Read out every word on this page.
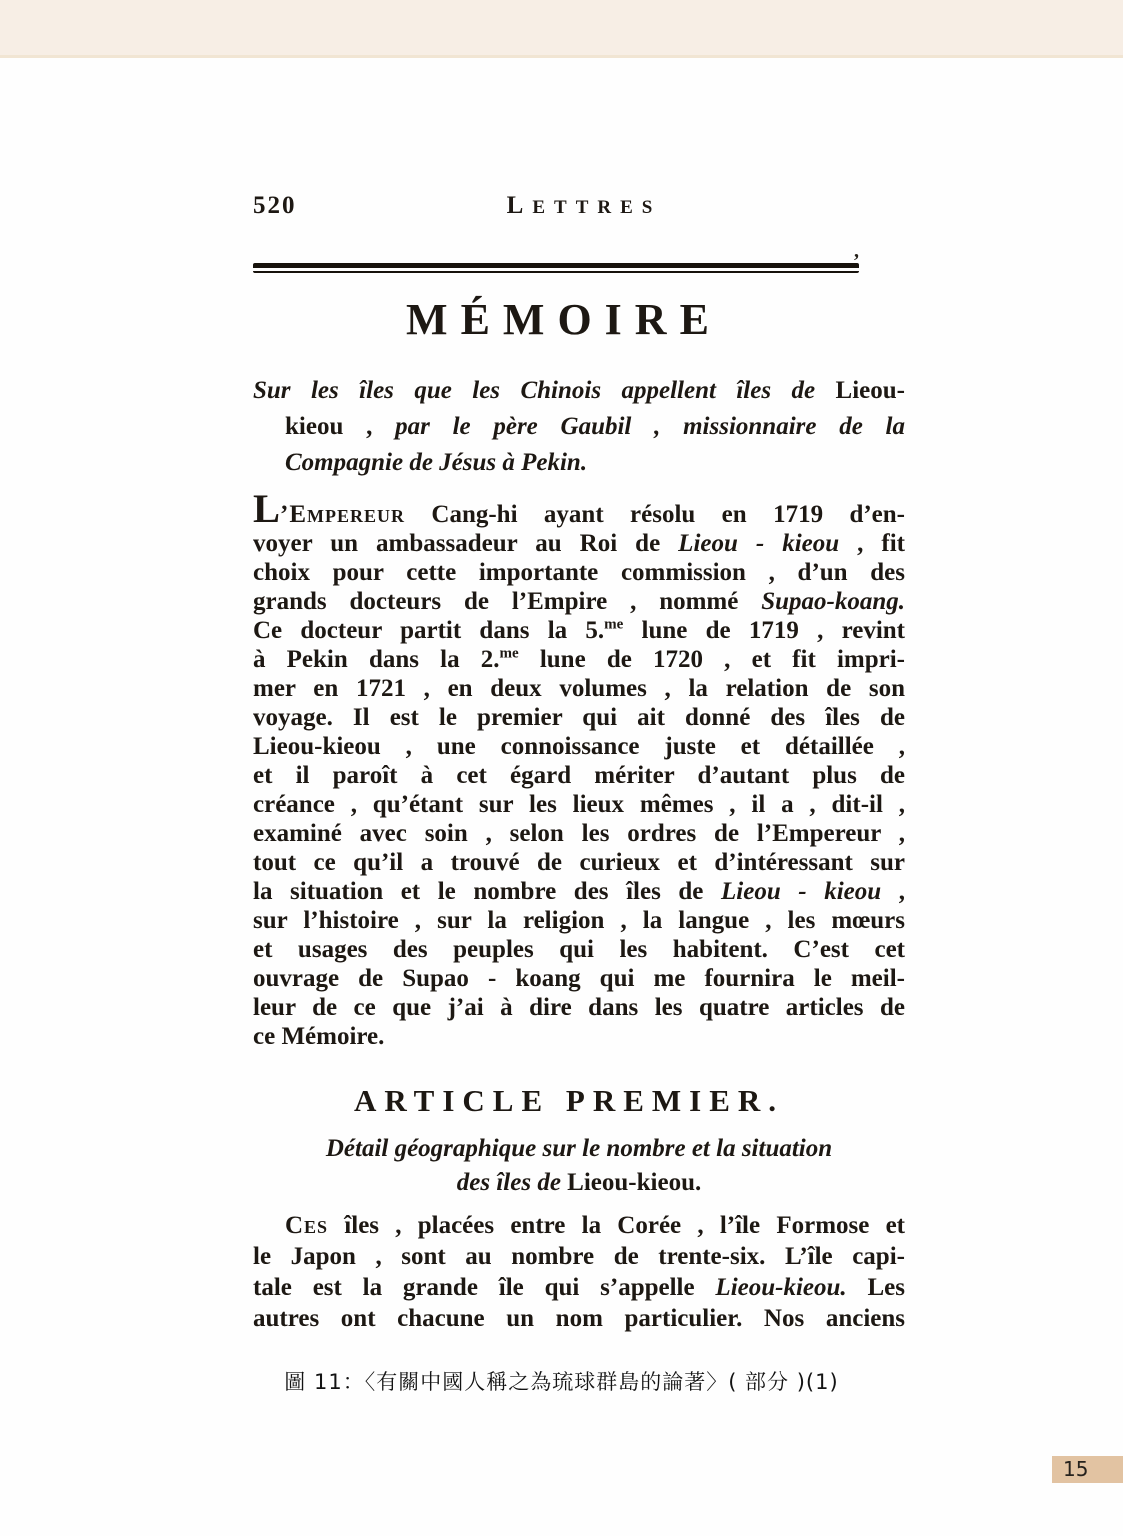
520	LETTRES
’
MÉMOIRE
Sur les îles que les Chinois appellent îles de Lieou-
kieou , par le père Gaubil , missionnaire de la
Compagnie de Jésus à Pekin.
L’Empereur Cang-hi ayant résolu en 1719 d’en-
voyer un ambassadeur au Roi de Lieou - kieou , fit
choix pour cette importante commission , d’un des
grands docteurs de l’Empire , nommé Supao-koang.
Ce docteur partit dans la 5.$^{me}$ lune de 1719 , revint
à Pekin dans la 2.$^{me}$ lune de 1720 , et fit impri-
mer en 1721 , en deux volumes , la relation de son
voyage. Il est le premier qui ait donné des îles de
Lieou-kieou , une connoissance juste et détaillée ,
et il paroît à cet égard mériter d’autant plus de
créance , qu’étant sur les lieux mêmes , il a , dit-il ,
examiné avec soin , selon les ordres de l’Empereur ,
tout ce qu’il a trouvé de curieux et d’intéressant sur
la situation et le nombre des îles de Lieou - kieou ,
sur l’histoire , sur la religion , la langue , les mœurs
et usages des peuples qui les habitent. C’est cet
ouvrage de Supao - koang qui me fournira le meil-
leur de ce que j’ai à dire dans les quatre articles de
ce Mémoire.
ARTICLE PREMIER.
Détail géographique sur le nombre et la situation
des îles de Lieou-kieou.
Ces îles , placées entre la Corée , l’île Formose et
le Japon , sont au nombre de trente-six. L’île capi-
tale est la grande île qui s’appelle Lieou-kieou. Les
autres ont chacune un nom particulier. Nos anciens
圖 11：〈有關中國人稱之為琉球群島的論著〉( 部分 )(1)
15
